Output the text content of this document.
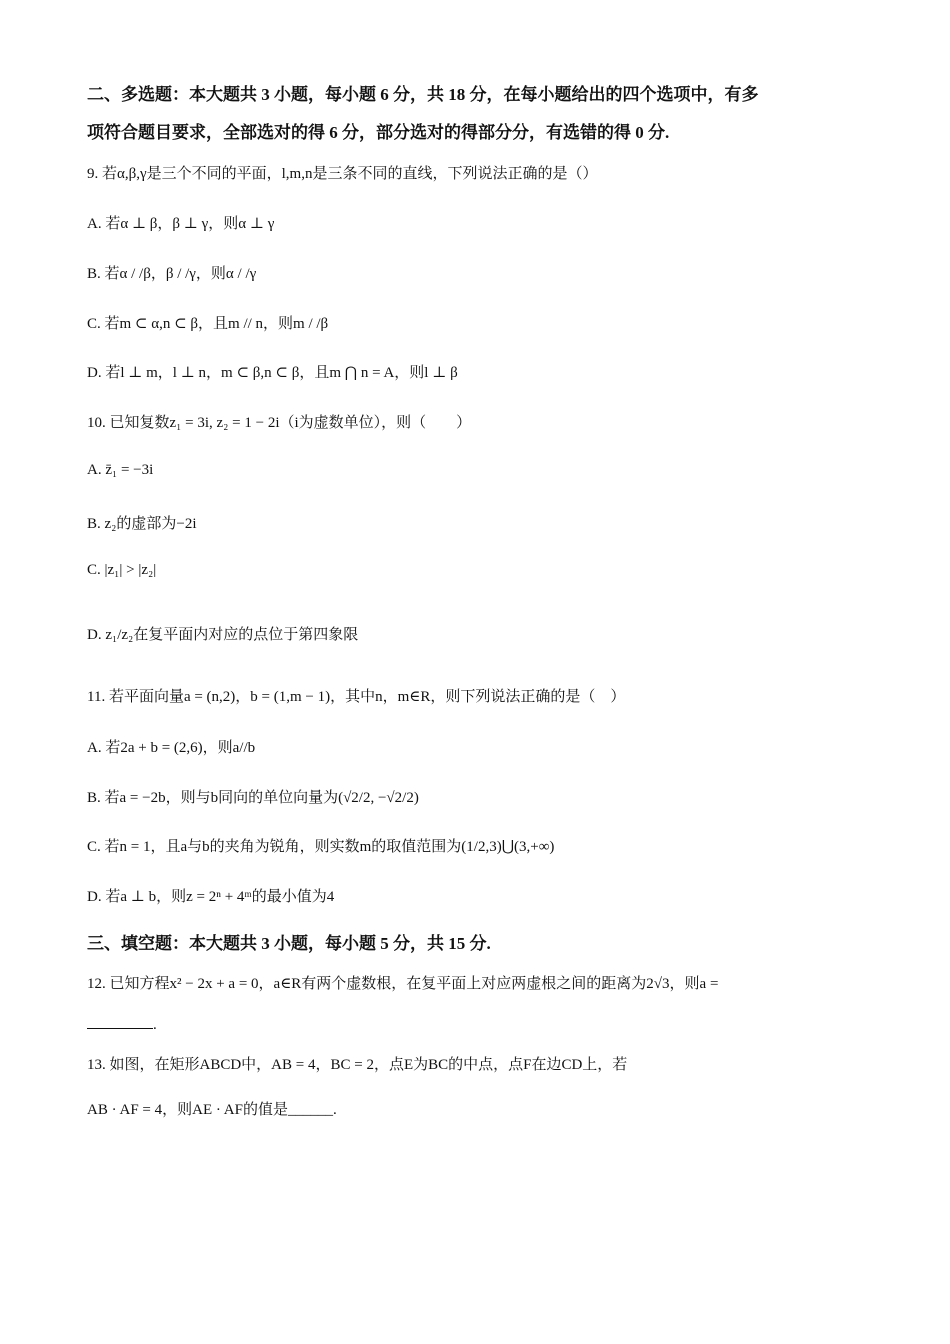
二、多选题：本大题共 3 小题，每小题 6 分，共 18 分，在每小题给出的四个选项中，有多
项符合题目要求，全部选对的得 6 分，部分选对的得部分分，有选错的得 0 分.
9. 若α,β,γ是三个不同的平面，l,m,n是三条不同的直线，下列说法正确的是（）
A. 若α ⊥ β，β ⊥ γ，则α ⊥ γ
B. 若α / /β，β / /γ，则α / /γ
C. 若m ⊂ α,n ⊂ β，且m // n，则m / /β
D. 若l ⊥ m，l ⊥ n，m ⊂ β,n ⊂ β，且m ⋂ n = A，则l ⊥ β
10. 已知复数z₁ = 3i, z₂ = 1 − 2i（i为虚数单位），则（　　）
A. z̄₁ = −3i
B. z₂的虚部为−2i
C. |z₁| > |z₂|
D. z₁/z₂在复平面内对应的点位于第四象限
11. 若平面向量a = (n,2)，b = (1,m − 1)，其中n，m∈R，则下列说法正确的是（　）
A. 若2a + b = (2,6)，则a//b
B. 若a = −2b，则与b同向的单位向量为(√2/2, −√2/2)
C. 若n = 1，且a与b的夹角为锐角，则实数m的取值范围为(1/2,3)⋃(3,+∞)
D. 若a ⊥ b，则z = 2ⁿ + 4ᵐ的最小值为4
三、填空题：本大题共 3 小题，每小题 5 分，共 15 分.
12. 已知方程x² − 2x + a = 0，a∈R有两个虚数根，在复平面上对应两虚根之间的距离为2√3，则a =
.
13. 如图，在矩形ABCD中，AB = 4，BC = 2，点E为BC的中点，点F在边CD上，若
AB · AF = 4，则AE · AF的值是______.
